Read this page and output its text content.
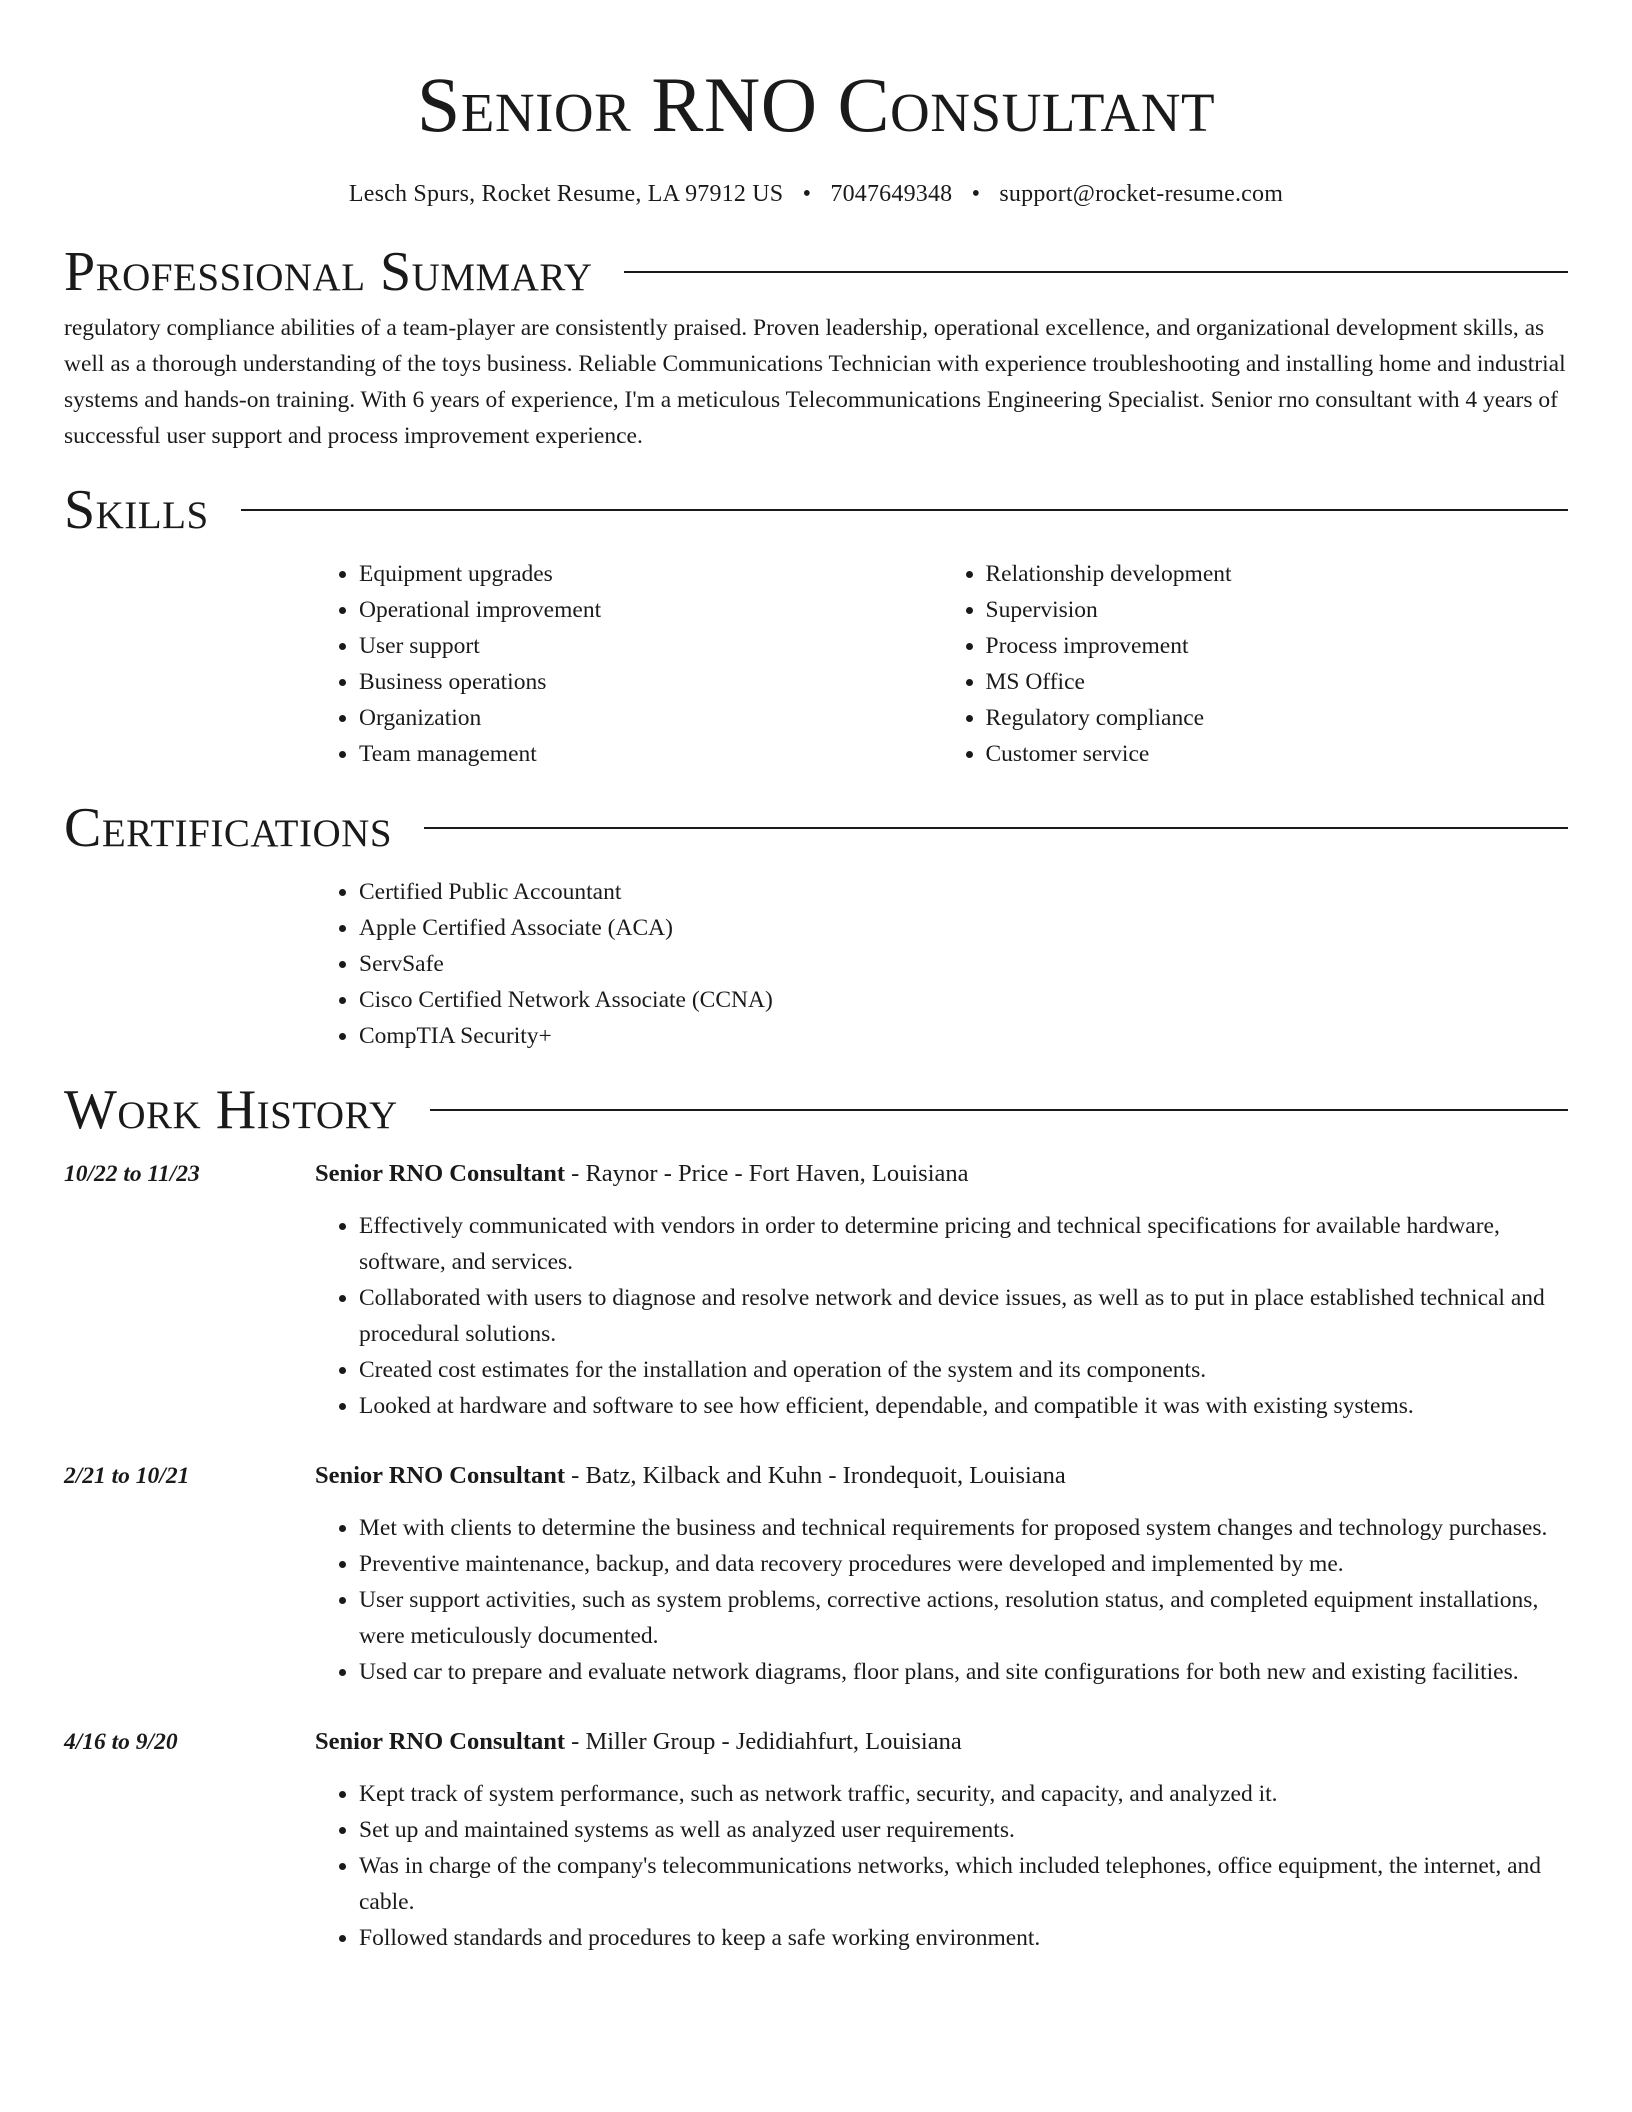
Senior RNO Consultant
Lesch Spurs, Rocket Resume, LA 97912 US • 7047649348 • support@rocket-resume.com
Professional Summary

regulatory compliance abilities of a team-player are consistently praised. Proven leadership, operational excellence, and organizational development skills, as well as a thorough understanding of the toys business. Reliable Communications Technician with experience troubleshooting and installing home and industrial systems and hands-on training. With 6 years of experience, I'm a meticulous Telecommunications Engineering Specialist. Senior rno consultant with 4 years of successful user support and process improvement experience.

Skills
• Equipment upgrades
• Operational improvement
• User support
• Business operations
• Organization
• Team management
• Relationship development
• Supervision
• Process improvement
• MS Office
• Regulatory compliance
• Customer service
Certifications
• Certified Public Accountant
• Apple Certified Associate (ACA)
• ServSafe
• Cisco Certified Network Associate (CCNA)
• CompTIA Security+
Work History
10/22 to 11/23	Senior RNO Consultant - Raynor - Price - Fort Haven, Louisiana
• Effectively communicated with vendors in order to determine pricing and technical specifications for available hardware, software, and services.
• Collaborated with users to diagnose and resolve network and device issues, as well as to put in place established technical and procedural solutions.
• Created cost estimates for the installation and operation of the system and its components.
• Looked at hardware and software to see how efficient, dependable, and compatible it was with existing systems.
2/21 to 10/21	Senior RNO Consultant - Batz, Kilback and Kuhn - Irondequoit, Louisiana
• Met with clients to determine the business and technical requirements for proposed system changes and technology purchases.
• Preventive maintenance, backup, and data recovery procedures were developed and implemented by me.
• User support activities, such as system problems, corrective actions, resolution status, and completed equipment installations, were meticulously documented.
• Used car to prepare and evaluate network diagrams, floor plans, and site configurations for both new and existing facilities.
4/16 to 9/20	Senior RNO Consultant - Miller Group - Jedidiahfurt, Louisiana
• Kept track of system performance, such as network traffic, security, and capacity, and analyzed it.
• Set up and maintained systems as well as analyzed user requirements.
• Was in charge of the company's telecommunications networks, which included telephones, office equipment, the internet, and cable.
• Followed standards and procedures to keep a safe working environment.
